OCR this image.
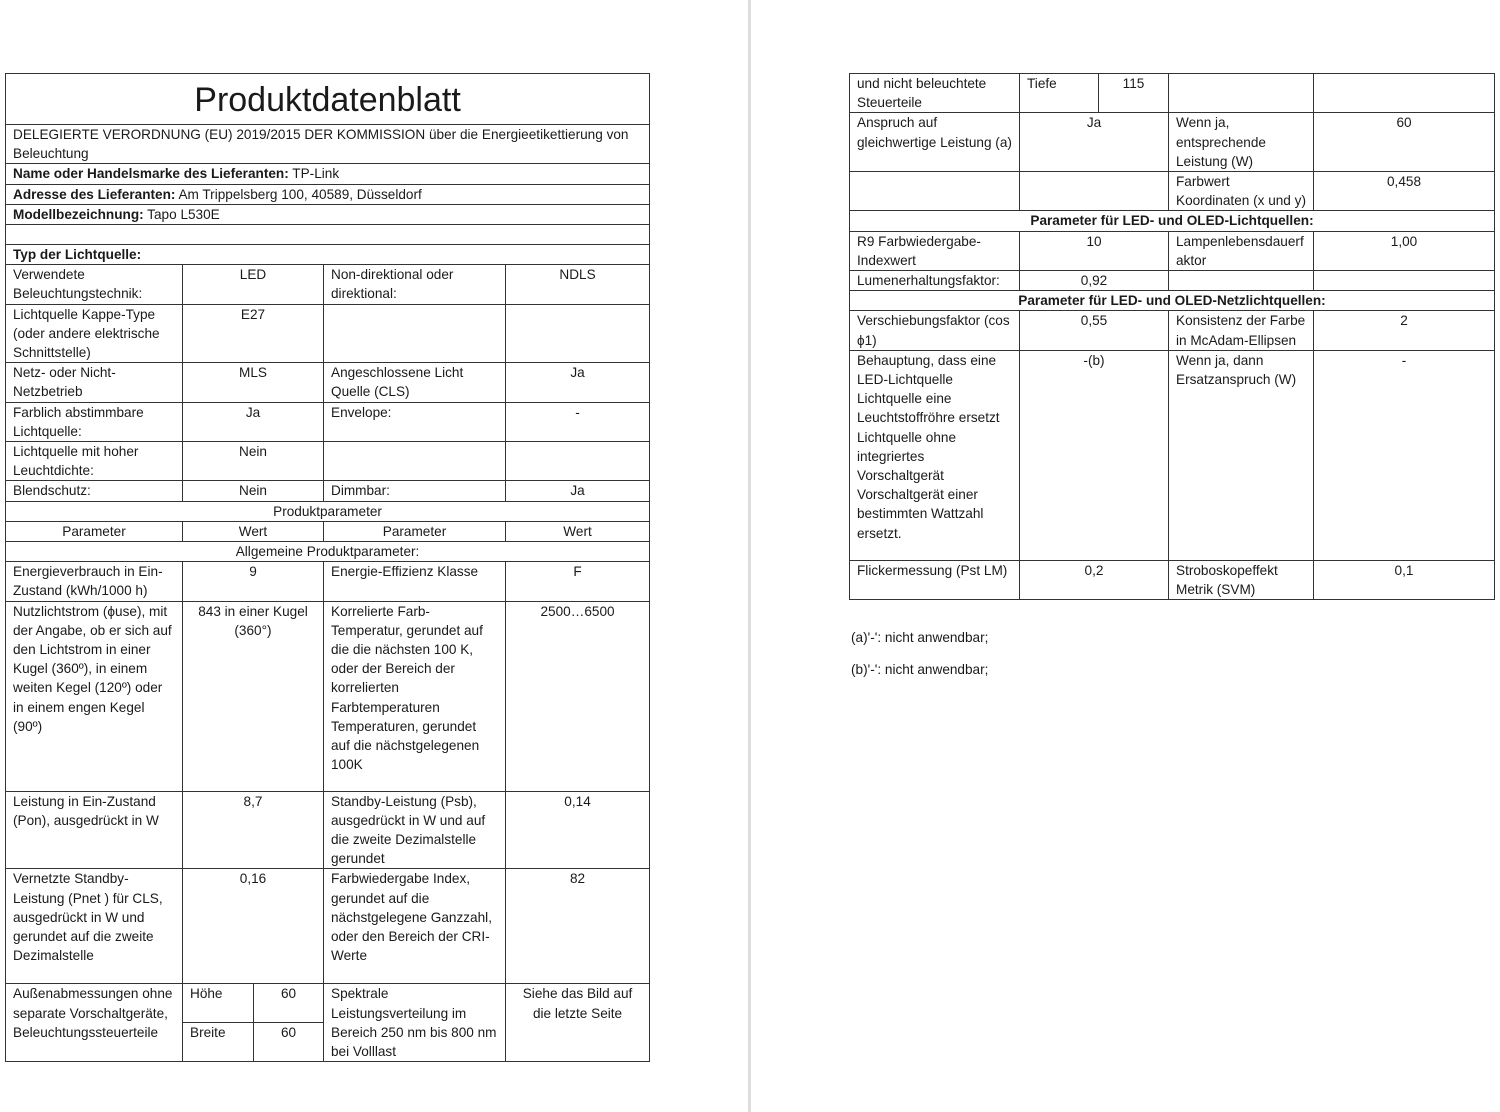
Produktdatenblatt				
DELEGIERTE VERORDNUNG (EU) 2019/2015 DER KOMMISSION über die Energieetikettierung von Beleuchtung				
Name oder Handelsmarke des Lieferanten: TP-Link				
Adresse des Lieferanten: Am Trippelsberg 100, 40589, Düsseldorf				
Modellbezeichnung: Tapo L530E				

Typ der Lichtquelle:				
Verwendete Beleuchtungstechnik:	LED		Non-direktional oder direktional:	NDLS
Lichtquelle Kappe-Type (oder andere elektrische Schnittstelle)	E27			
Netz- oder Nicht-Netzbetrieb	MLS		Angeschlossene Licht Quelle (CLS)	Ja
Farblich abstimmbare Lichtquelle:	Ja		Envelope:	-
Lichtquelle mit hoher Leuchtdichte:	Nein			
Blendschutz:	Nein		Dimmbar:	Ja
Produktparameter				
Parameter	Wert		Parameter	Wert
Allgemeine Produktparameter:				
Energieverbrauch in Ein-Zustand (kWh/1000 h)	9		Energie-Effizienz Klasse	F
Nutzlichtstrom (ϕuse), mit der Angabe, ob er sich auf den Lichtstrom in einer Kugel (360º), in einem weiten Kegel (120º) oder in einem engen Kegel (90º)	843 in einer Kugel (360°)		Korrelierte Farb-Temperatur, gerundet auf die die nächsten 100 K, oder der Bereich der korrelierten Farbtemperaturen Temperaturen, gerundet auf die nächstgelegenen 100K	2500…6500
Leistung in Ein-Zustand (Pon), ausgedrückt in W	8,7		Standby-Leistung (Psb), ausgedrückt in W und auf die zweite Dezimalstelle gerundet	0,14
Vernetzte Standby-Leistung (Pnet ) für CLS, ausgedrückt in W und gerundet auf die zweite Dezimalstelle	0,16		Farbwiedergabe Index, gerundet auf die nächstgelegene Ganzzahl, oder den Bereich der CRI-Werte	82
Außenabmessungen ohne separate Vorschaltgeräte, Beleuchtungssteuerteile	Höhe	60	Spektrale Leistungsverteilung im Bereich 250 nm bis 800 nm bei Volllast	Siehe das Bild auf die letzte Seite
	Breite	60		
und nicht beleuchtete Steuerteile	Tiefe	115		
Anspruch auf gleichwertige Leistung (a)	Ja		Wenn ja, entsprechende Leistung (W)	60
			Farbwert Koordinaten (x und y)	0,458
Parameter für LED- und OLED-Lichtquellen:				
R9 Farbwiedergabe-Indexwert	10		Lampenlebensdauerfaktor	1,00
Lumenerhaltungsfaktor:	0,92			
Parameter für LED- und OLED-Netzlichtquellen:				
Verschiebungsfaktor (cos ϕ1)	0,55		Konsistenz der Farbe in McAdam-Ellipsen	2
Behauptung, dass eine LED-Lichtquelle Lichtquelle eine Leuchtstoffröhre ersetzt Lichtquelle ohne integriertes Vorschaltgerät Vorschaltgerät einer bestimmten Wattzahl ersetzt.	-(b)		Wenn ja, dann Ersatzanspruch (W)	-
Flickermessung (Pst LM)	0,2		Stroboskopeffekt Metrik (SVM)	0,1
(a)'-': nicht anwendbar;
(b)'-': nicht anwendbar;
